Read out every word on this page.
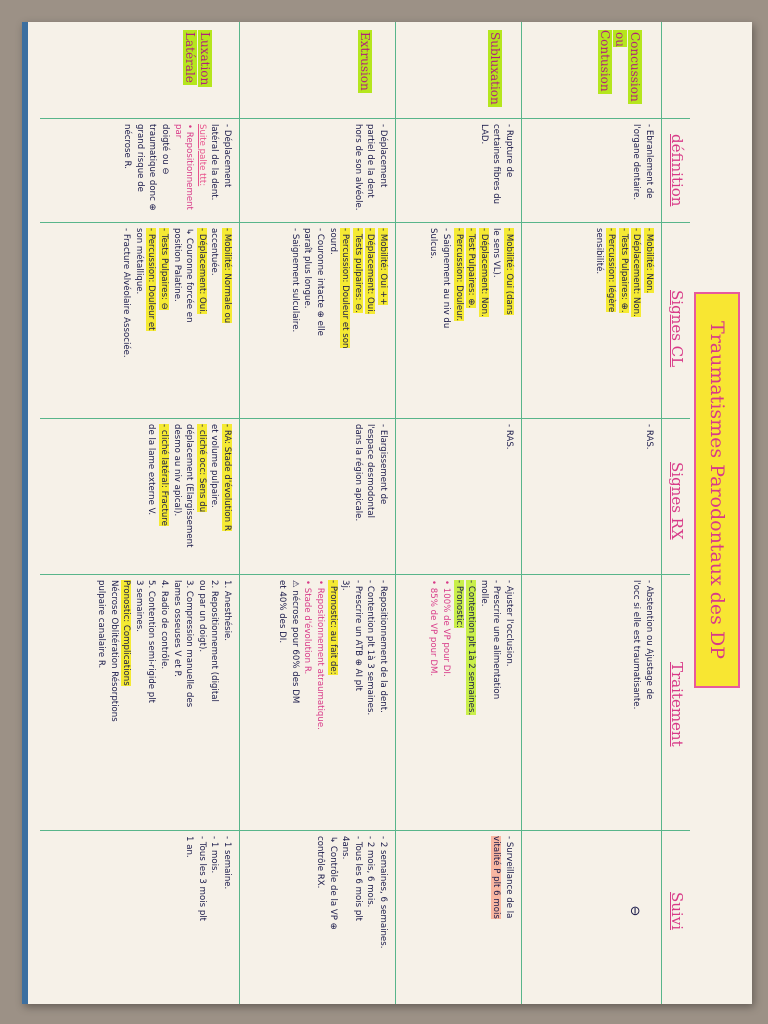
Traumatismes Parodontaux des DP
définition
Signes CL
Signes RX
Traitement
Suivi
Concussion
ou Contusion
Subluxation
Extrusion
Luxation
Latérale
- Ebranlement de
l'organe dentaire.
- Mobilité: Non.
- Déplacement: Non.
- Tests Pulpaires: ⊕.
- Percussion: légère
sensibilité.
- RAS.
- Abstention ou Ajustage de
l'occ si elle est traumatisante.
⊖
- Rupture de
certaines fibres du
LAD.
- Mobilité: Oui (dans
le sens VL).
- Déplacement: Non.
- Test Pulpaires: ⊕.
- Percussion: Douleur.
- Saignement au niv du
Sulcus.
- RAS.
- Ajuster l'occlusion.
- Prescrire une alimentation
molle.
- Contention plt 1à 2 semaines.
- Pronostic:
• 100% de VP pour DI.
• 85% de VP pour DM.
- Surveillance de la
vitalité P plt 6 mois
- Déplacement
partiel de la dent
hors de son alvéole.
- Mobilité: Oui ++
- Déplacement: Oui.
- Tests pulpaires: ⊖.
- Percussion: Douleur et son
sourd.
- Couronne intacte ⊕ elle
paraît plus longue.
- Saignement sulculaire.
- Elargissement de
l'espace desmodontal
dans la région apicale.
- Repositionnement de la dent.
- Contention plt 1à 3 semaines.
- Prescrire un ATB ⊕ AI plt
3j.
- Pronostic: au fait de:
• Repositionnement atraumatique.
• Stade d'évolution R.
⚠ nécrose pour 60% des DM
et 40% des DI.
- 2 semaines, 6 semaines.
- 2 mois, 6 mois.
- Tous les 6 mois plt
4ans.
↳ Contrôle de la VP ⊕
contrôle RX.
- Déplacement
latéral de la dent.
Suite palte ttt:
• Repositionnement par
doigté ou ⊖
traumatique donc ⊕
grand risque de
nécrose R.
- Mobilité: Normale ou
accentuée.
- Déplacement: Oui.
↳ Couronne forcée en
position Palatine.
- Tests Pulpaires: ⊖
- Percussion: Douleur et
son métallique.
- Fracture Alvéolaire Associée.
- RA: Stade d'évolution R
et volume pulpaire.
- cliché occ: Sens du
déplacement (Elargissement
desmo au niv apical).
- cliché latéral: Fracture
de la lame externe V.
1. Anesthésie.
2. Repositionnement (digital
ou par un doigt).
3. Compression manuelle des
lames osseuses V et P.
4. Radio de contrôle.
5. Contention semi-rigide plt
3 semaines.
Pronostic: Complications
Nécrose Oblitération Résorptions
pulpaire canalaire R.
- 1 semaine.
- 1 mois.
- Tous les 3 mois plt
1 an.
